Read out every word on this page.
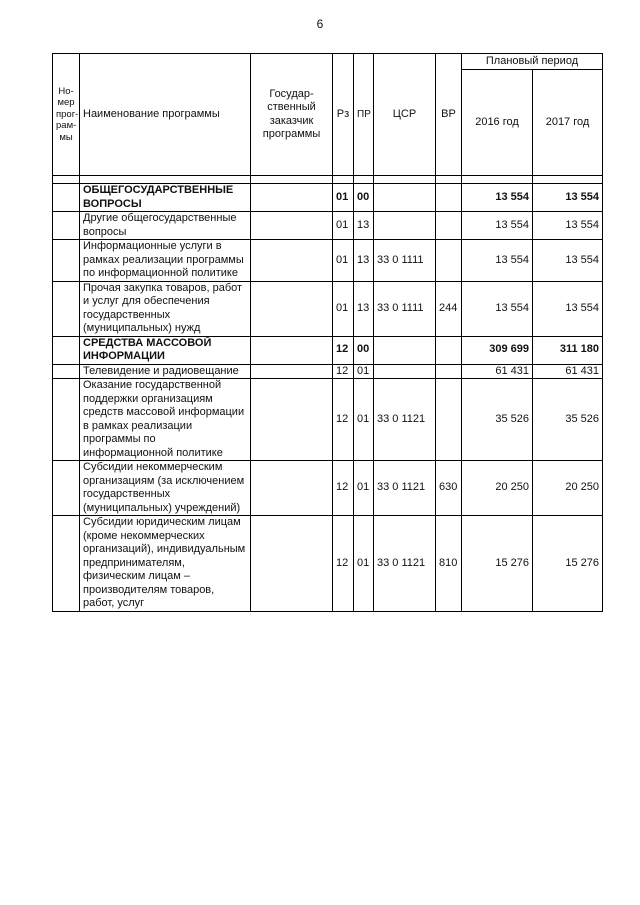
6
Но-мер прог-рам-мы	Наименование программы	Государ-ственный заказчик программы	Рз	ПР	ЦСР	ВР	Плановый период	
							2016 год	2017 год

	ОБЩЕГОСУДАРСТВЕННЫЕ ВОПРОСЫ		01	00			13 554	13 554
	Другие общегосударственные вопросы		01	13			13 554	13 554
	Информационные услуги в рамках реализации программы по информационной политике		01	13	33 0 1111		13 554	13 554
	Прочая закупка товаров, работ и услуг для обеспечения государственных (муниципальных) нужд		01	13	33 0 1111	244	13 554	13 554
	СРЕДСТВА МАССОВОЙ ИНФОРМАЦИИ		12	00			309 699	311 180
	Телевидение и радиовещание		12	01			61 431	61 431
	Оказание государственной поддержки организациям средств массовой информации в рамках реализации программы по информационной политике		12	01	33 0 1121		35 526	35 526
	Субсидии некоммерческим организациям (за исключением государственных (муниципальных) учреждений)		12	01	33 0 1121	630	20 250	20 250
	Субсидии юридическим лицам (кроме некоммерческих организаций), индивидуальным предпринимателям, физическим лицам – производителям товаров, работ, услуг		12	01	33 0 1121	810	15 276	15 276
